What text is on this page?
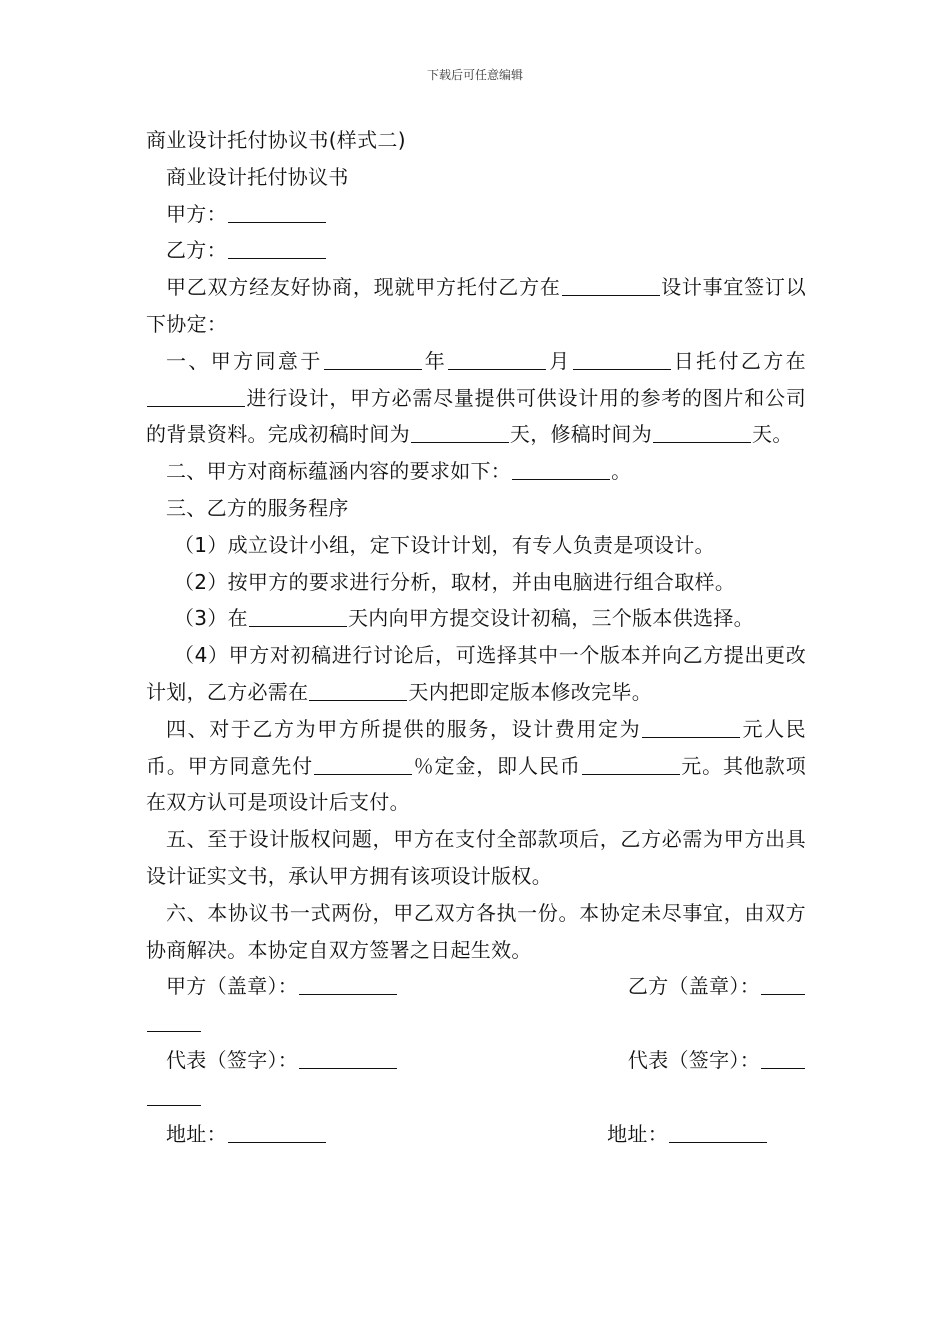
下载后可任意编辑

商业设计托付协议书(样式二)

商业设计托付协议书

甲方：

乙方：

甲乙双方经友好协商，现就甲方托付乙方在	设计事宜签订以下协定：

一、甲方同意于	年	月	日托付乙方在进行设计，甲方必需尽量提供可供设计用的参考的图片和公司的背景资料。完成初稿时间为	天，修稿时间为	天。

二、甲方对商标蕴涵内容的要求如下：	。

三、乙方的服务程序

（1）成立设计小组，定下设计计划，有专人负责是项设计。

（2）按甲方的要求进行分析，取材，并由电脑进行组合取样。

（3）在	天内向甲方提交设计初稿，三个版本供选择。

（4）甲方对初稿进行讨论后，可选择其中一个版本并向乙方提出更改计划，乙方必需在	天内把即定版本修改完毕。

四、对于乙方为甲方所提供的服务，设计费用定为	元人民币。甲方同意先付	％定金，即人民币	元。其他款项在双方认可是项设计后支付。

五、至于设计版权问题，甲方在支付全部款项后，乙方必需为甲方出具设计证实文书，承认甲方拥有该项设计版权。

六、本协议书一式两份，甲乙双方各执一份。本协定未尽事宜，由双方协商解决。本协定自双方签署之日起生效。

甲方（盖章）：	乙方（盖章）：

代表（签字）：	代表（签字）：

地址：	地址：
